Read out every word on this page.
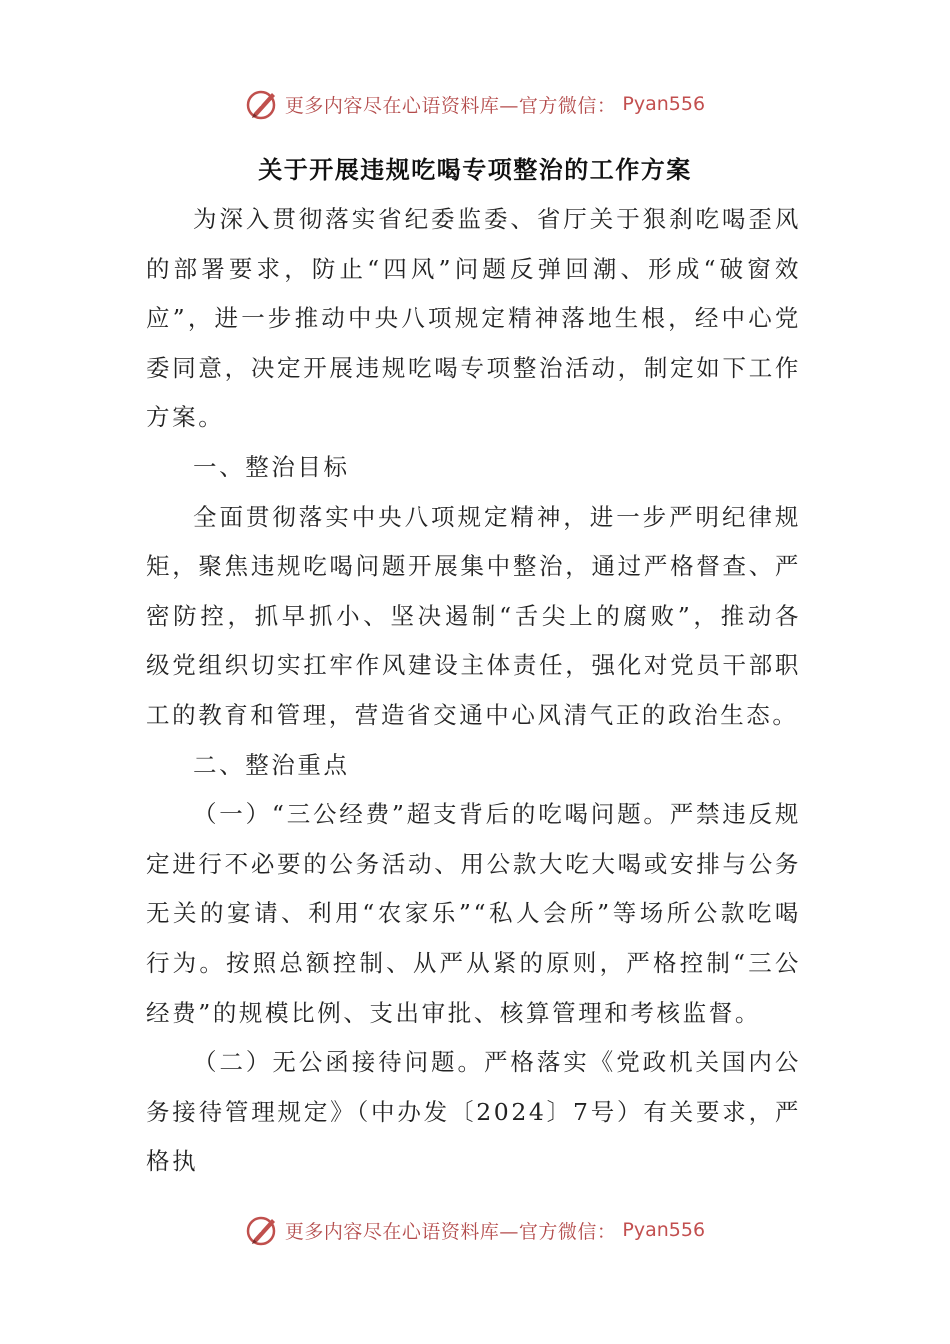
更多内容尽在心语资料库—官方微信： Pyan556
关于开展违规吃喝专项整治的工作方案

为深入贯彻落实省纪委监委、省厅关于狠刹吃喝歪风的部署要求，防止“四风”问题反弹回潮、形成“破窗效应”，进一步推动中央八项规定精神落地生根，经中心党委同意，决定开展违规吃喝专项整治活动，制定如下工作方案。

一、整治目标

全面贯彻落实中央八项规定精神，进一步严明纪律规矩，聚焦违规吃喝问题开展集中整治，通过严格督查、严密防控，抓早抓小、坚决遏制“舌尖上的腐败”，推动各级党组织切实扛牢作风建设主体责任，强化对党员干部职工的教育和管理，营造省交通中心风清气正的政治生态。

二、整治重点

（一）“三公经费”超支背后的吃喝问题。严禁违反规定进行不必要的公务活动、用公款大吃大喝或安排与公务无关的宴请、利用“农家乐”“私人会所”等场所公款吃喝行为。按照总额控制、从严从紧的原则，严格控制“三公经费”的规模比例、支出审批、核算管理和考核监督。

（二）无公函接待问题。严格落实《党政机关国内公务接待管理规定》（中办发〔2024〕7号）有关要求，严格执

更多内容尽在心语资料库—官方微信： Pyan556
